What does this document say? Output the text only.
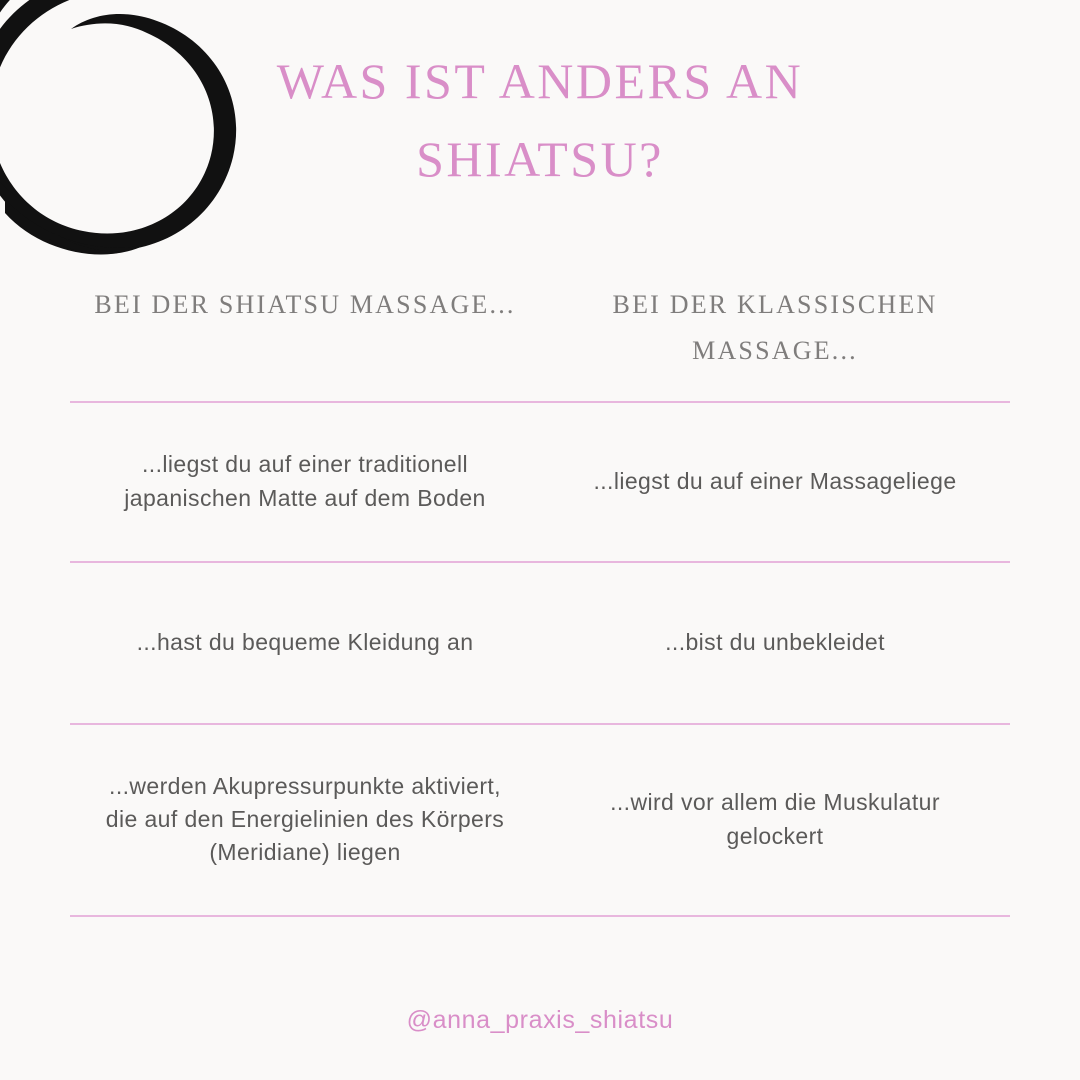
WAS IST ANDERS AN
SHIATSU?
BEI DER SHIATSU MASSAGE...	BEI DER KLASSISCHEN MASSAGE...
...liegst du auf einer traditionell japanischen Matte auf dem Boden
...liegst du auf einer Massageliege
...hast du bequeme Kleidung an	...bist du unbekleidet
...werden Akupressurpunkte aktiviert, die auf den Energielinien des Körpers (Meridiane) liegen
...wird vor allem die Muskulatur gelockert
@anna_praxis_shiatsu
